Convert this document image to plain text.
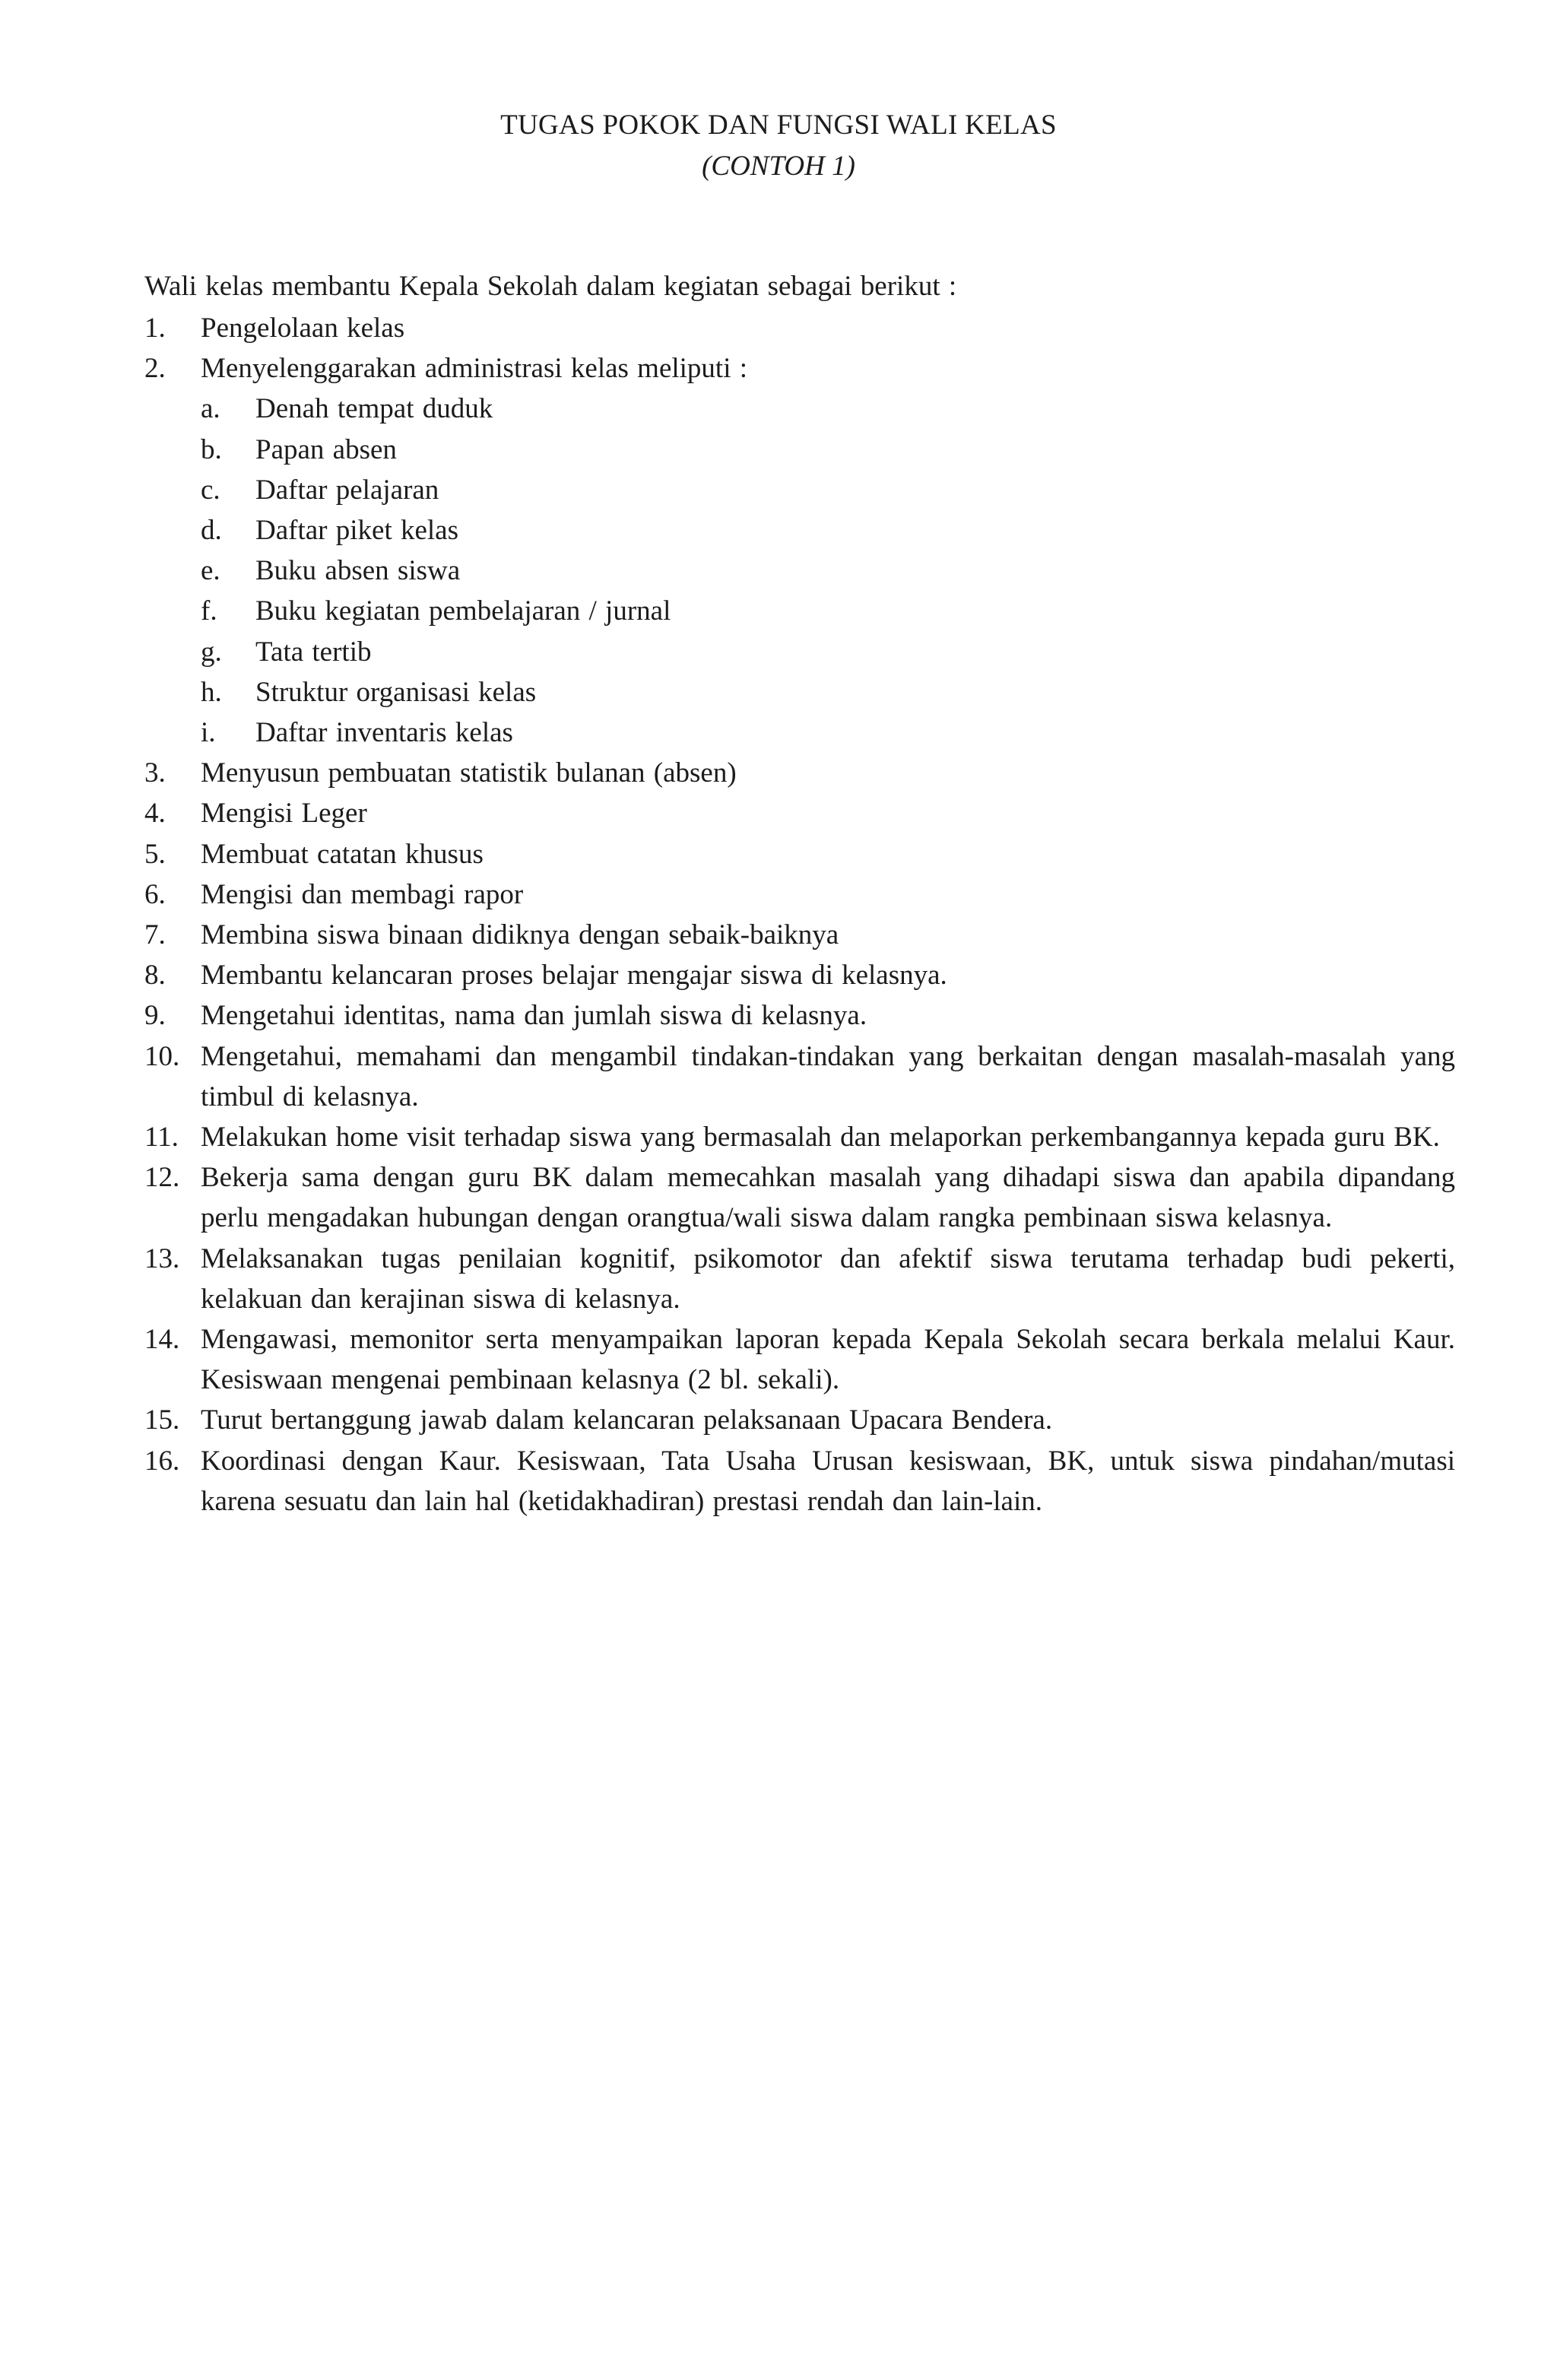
TUGAS POKOK DAN FUNGSI WALI KELAS
(CONTOH 1)
Wali kelas membantu Kepala Sekolah dalam kegiatan sebagai berikut :
1. Pengelolaan kelas
2. Menyelenggarakan administrasi kelas meliputi :
a. Denah tempat duduk
b. Papan absen
c. Daftar pelajaran
d. Daftar piket kelas
e. Buku absen siswa
f. Buku kegiatan pembelajaran / jurnal
g. Tata tertib
h. Struktur organisasi kelas
i. Daftar inventaris kelas
3. Menyusun pembuatan statistik bulanan (absen)
4. Mengisi Leger
5. Membuat catatan khusus
6. Mengisi dan membagi rapor
7. Membina siswa binaan didiknya dengan sebaik-baiknya
8. Membantu kelancaran proses belajar mengajar siswa di kelasnya.
9. Mengetahui identitas, nama dan jumlah siswa di kelasnya.
10. Mengetahui, memahami dan mengambil tindakan-tindakan yang berkaitan dengan masalah-masalah yang timbul di kelasnya.
11. Melakukan home visit terhadap siswa yang bermasalah dan melaporkan perkembangannya kepada guru BK.
12. Bekerja sama dengan guru BK dalam memecahkan masalah yang dihadapi siswa dan apabila dipandang perlu mengadakan hubungan dengan orangtua/wali siswa dalam rangka pembinaan siswa kelasnya.
13. Melaksanakan tugas penilaian kognitif, psikomotor dan afektif siswa terutama terhadap budi pekerti, kelakuan dan kerajinan siswa di kelasnya.
14. Mengawasi, memonitor serta menyampaikan laporan kepada Kepala Sekolah secara berkala melalui Kaur. Kesiswaan mengenai pembinaan kelasnya (2 bl. sekali).
15. Turut bertanggung jawab dalam kelancaran pelaksanaan Upacara Bendera.
16. Koordinasi dengan Kaur. Kesiswaan, Tata Usaha Urusan kesiswaan, BK, untuk siswa pindahan/mutasi karena sesuatu dan lain hal (ketidakhadiran) prestasi rendah dan lain-lain.
